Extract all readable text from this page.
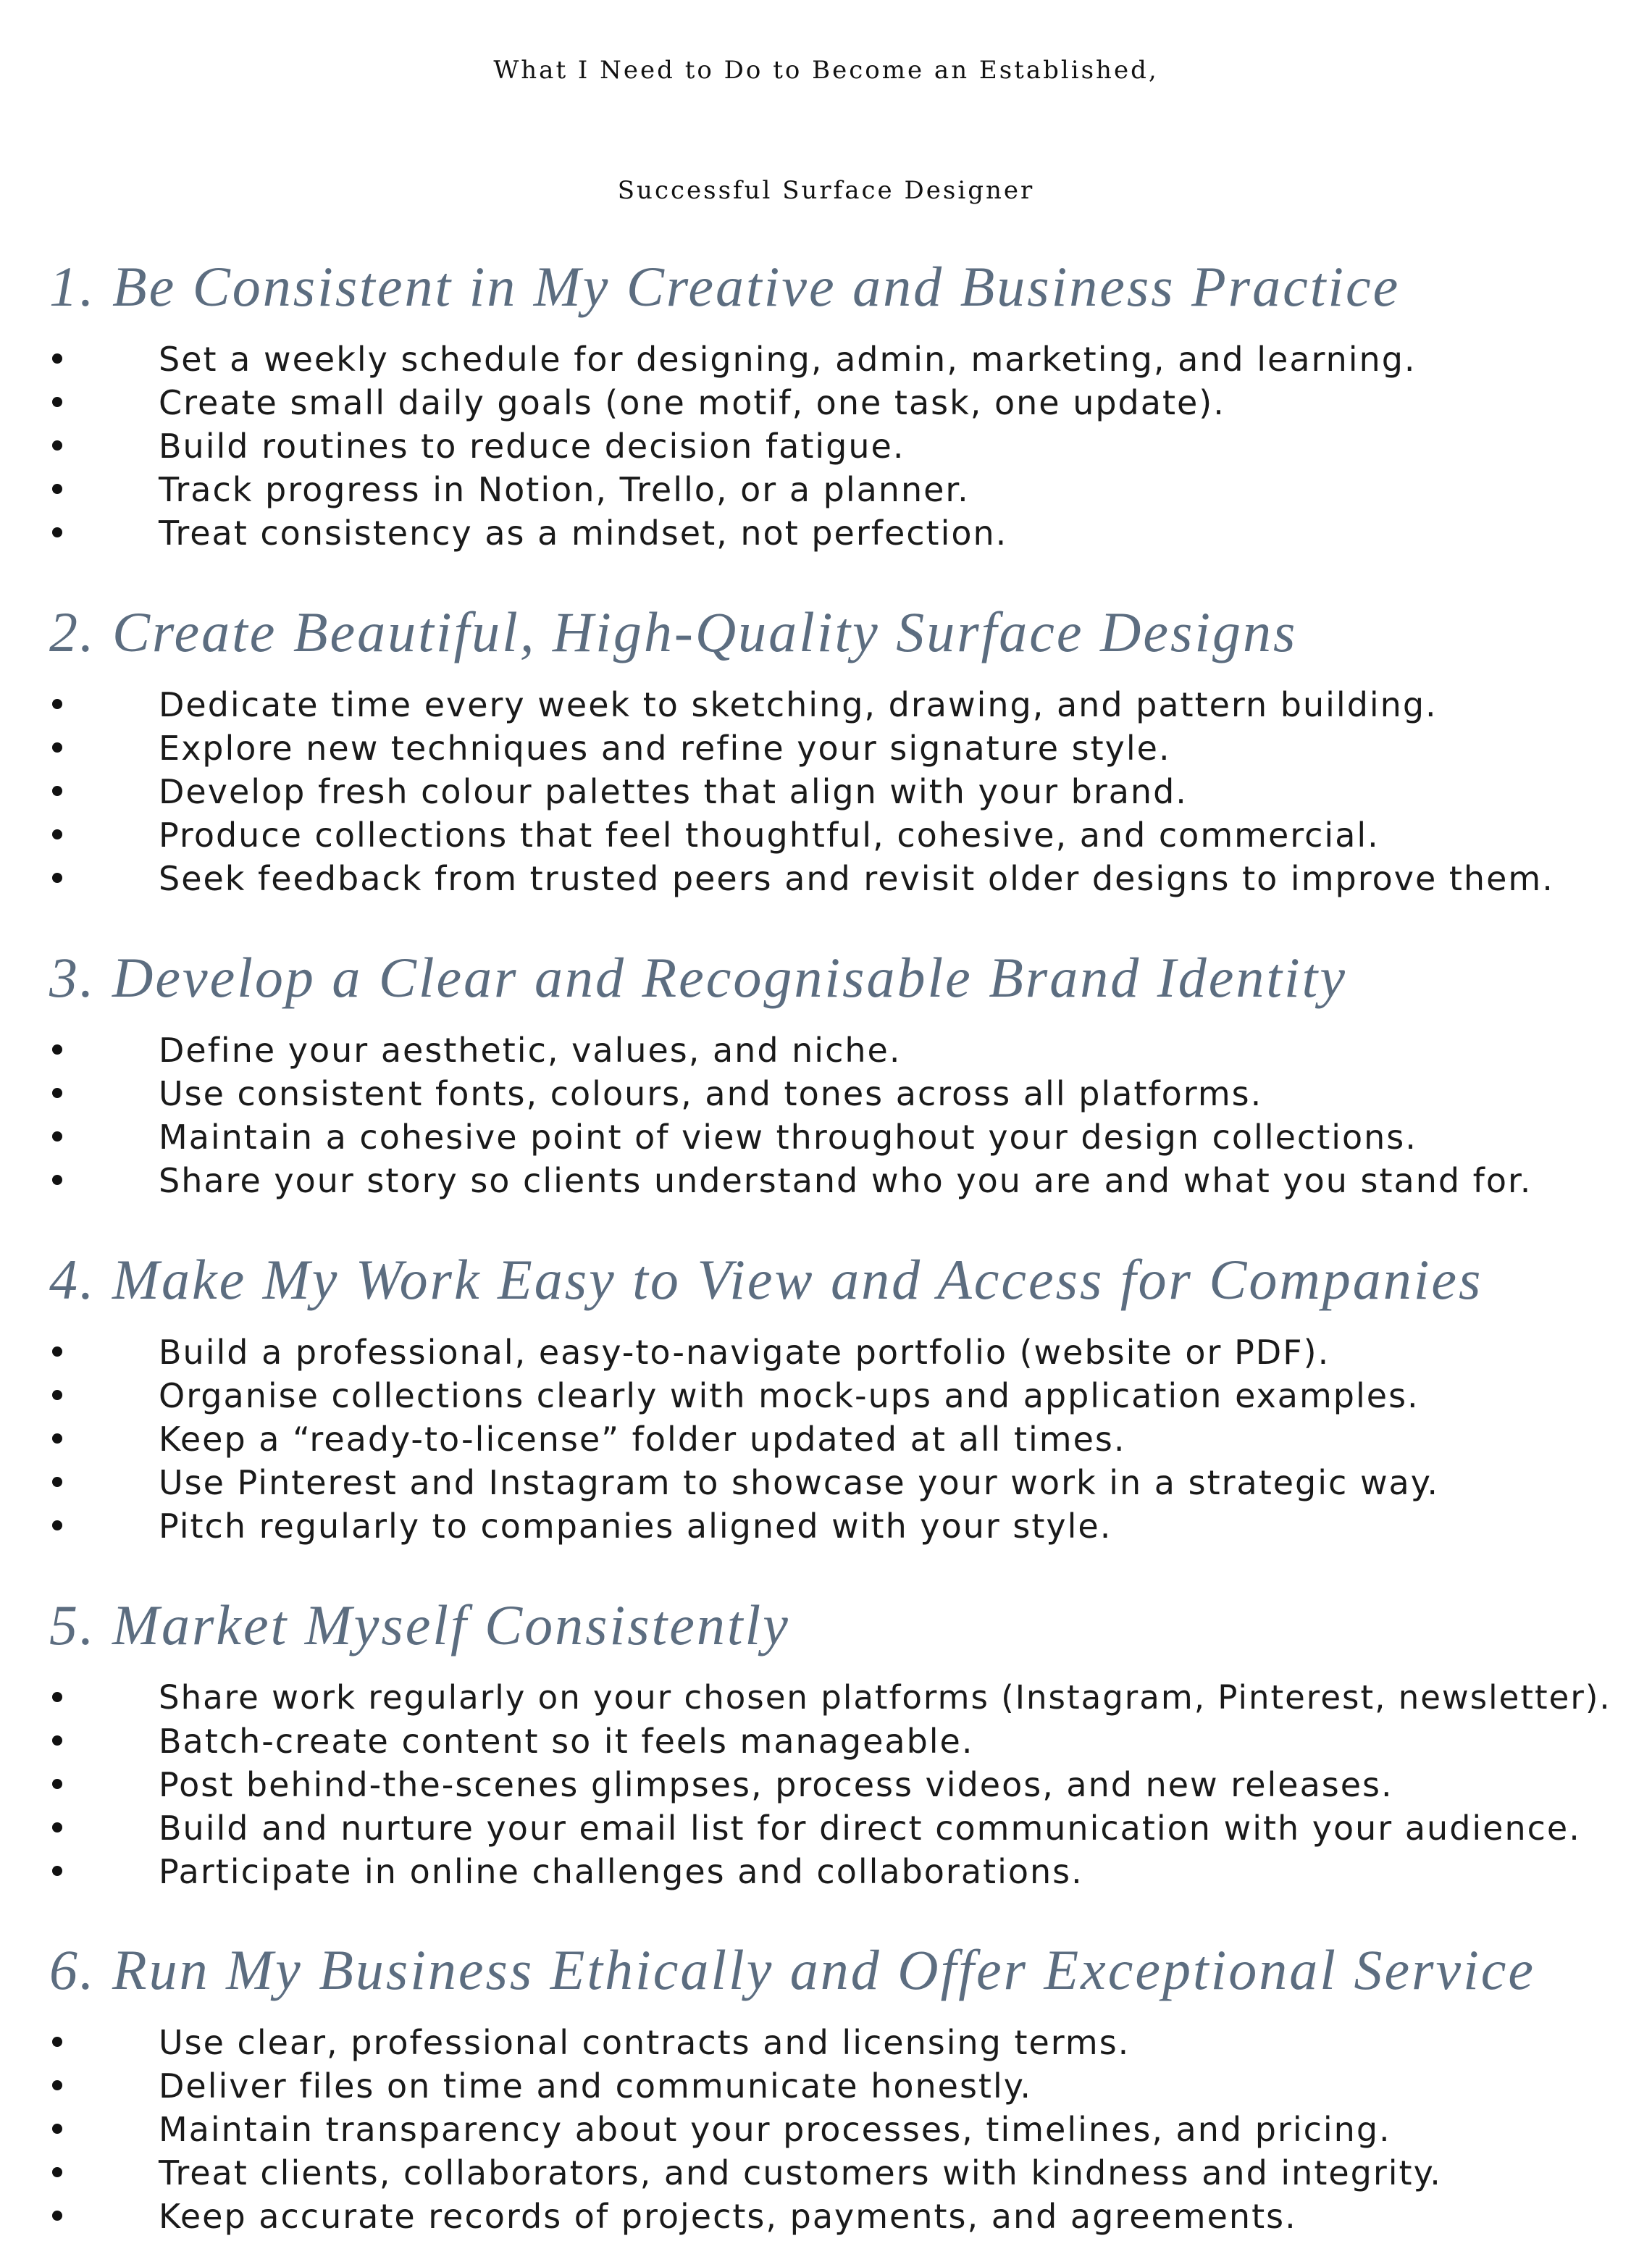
What I Need to Do to Become an Established,
Successful Surface Designer
1. Be Consistent in My Creative and Business Practice
Set a weekly schedule for designing, admin, marketing, and learning.
Create small daily goals (one motif, one task, one update).
Build routines to reduce decision fatigue.
Track progress in Notion, Trello, or a planner.
Treat consistency as a mindset, not perfection.
2. Create Beautiful, High-Quality Surface Designs
Dedicate time every week to sketching, drawing, and pattern building.
Explore new techniques and refine your signature style.
Develop fresh colour palettes that align with your brand.
Produce collections that feel thoughtful, cohesive, and commercial.
Seek feedback from trusted peers and revisit older designs to improve them.
3. Develop a Clear and Recognisable Brand Identity
Define your aesthetic, values, and niche.
Use consistent fonts, colours, and tones across all platforms.
Maintain a cohesive point of view throughout your design collections.
Share your story so clients understand who you are and what you stand for.
4. Make My Work Easy to View and Access for Companies
Build a professional, easy-to-navigate portfolio (website or PDF).
Organise collections clearly with mock-ups and application examples.
Keep a “ready-to-license” folder updated at all times.
Use Pinterest and Instagram to showcase your work in a strategic way.
Pitch regularly to companies aligned with your style.
5. Market Myself Consistently
Share work regularly on your chosen platforms (Instagram, Pinterest, newsletter).
Batch-create content so it feels manageable.
Post behind-the-scenes glimpses, process videos, and new releases.
Build and nurture your email list for direct communication with your audience.
Participate in online challenges and collaborations.
6. Run My Business Ethically and Offer Exceptional Service
Use clear, professional contracts and licensing terms.
Deliver files on time and communicate honestly.
Maintain transparency about your processes, timelines, and pricing.
Treat clients, collaborators, and customers with kindness and integrity.
Keep accurate records of projects, payments, and agreements.
